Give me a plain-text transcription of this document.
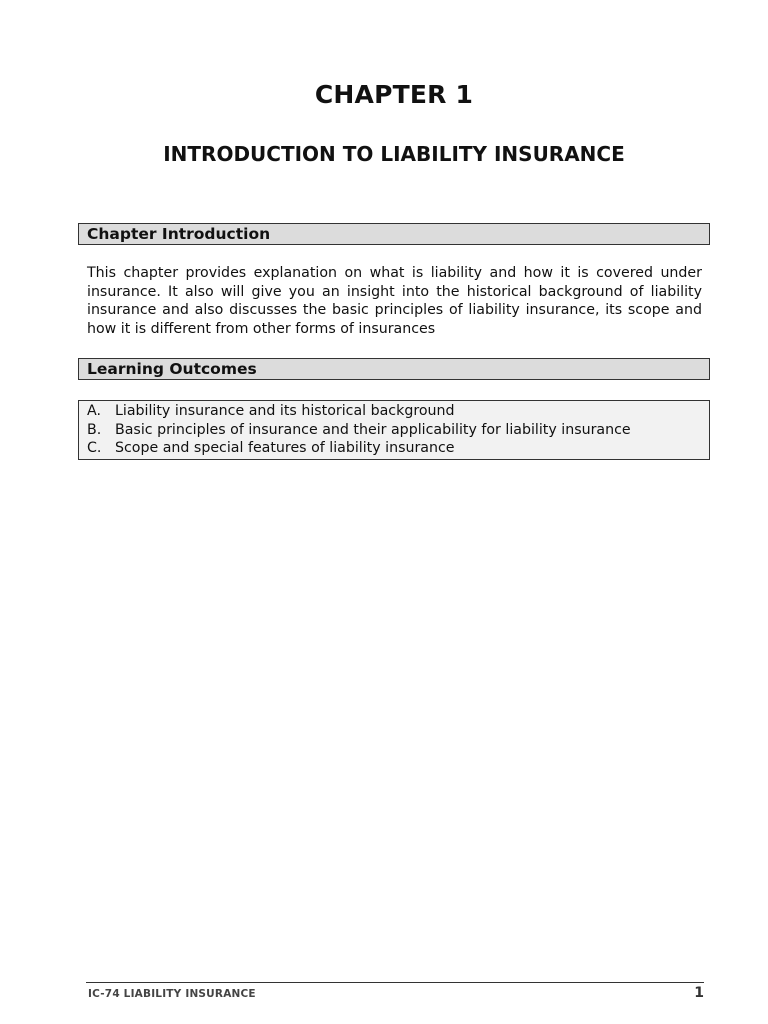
CHAPTER 1
INTRODUCTION TO LIABILITY INSURANCE
Chapter Introduction

This chapter provides explanation on what is liability and how it is covered under insurance. It also will give you an insight into the historical background of liability insurance and also discusses the basic principles of liability insurance, its scope and how it is different from other forms of insurances

Learning Outcomes
A. Liability insurance and its historical background
B. Basic principles of insurance and their applicability for liability insurance
C. Scope and special features of liability insurance
IC-74 LIABILITY INSURANCE	1
